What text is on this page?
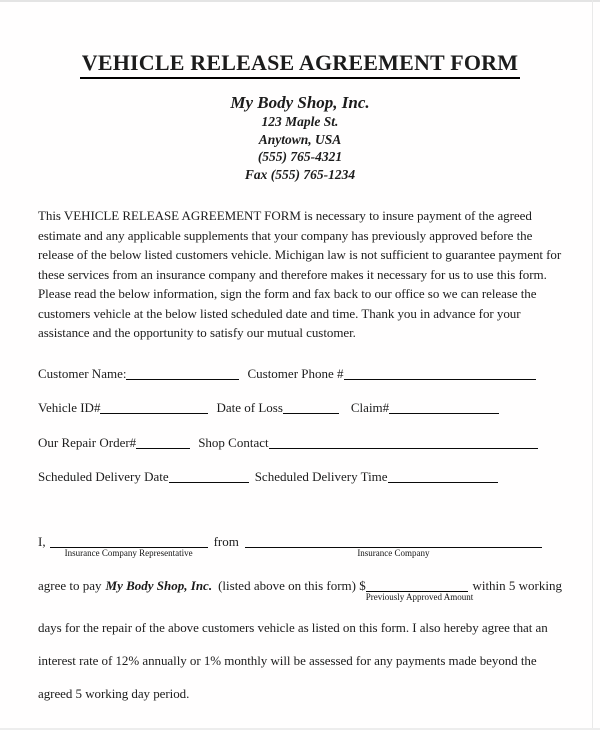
VEHICLE RELEASE AGREEMENT FORM
My Body Shop, Inc.
123 Maple St.
Anytown, USA
(555) 765-4321
Fax (555) 765-1234
This VEHICLE RELEASE AGREEMENT FORM is necessary to insure payment of the agreed estimate and any applicable supplements that your company has previously approved before the release of the below listed customers vehicle. Michigan law is not sufficient to guarantee payment for these services from an insurance company and therefore makes it necessary for us to use this form. Please read the below information, sign the form and fax back to our office so we can release the customers vehicle at the below listed scheduled date and time. Thank you in advance for your assistance and the opportunity to satisfy our mutual customer.
Customer Name:	Customer Phone #
Vehicle ID#	Date of Loss	Claim#
Our Repair Order#	Shop Contact
Scheduled Delivery Date	Scheduled Delivery Time
I,
Insurance Company Representative
from
Insurance Company
agree to pay My Body Shop, Inc. (listed above on this form) $
Previously Approved Amount
within 5 working
days for the repair of the above customers vehicle as listed on this form. I also hereby agree that an interest rate of 12% annually or 1% monthly will be assessed for any payments made beyond the agreed 5 working day period.
